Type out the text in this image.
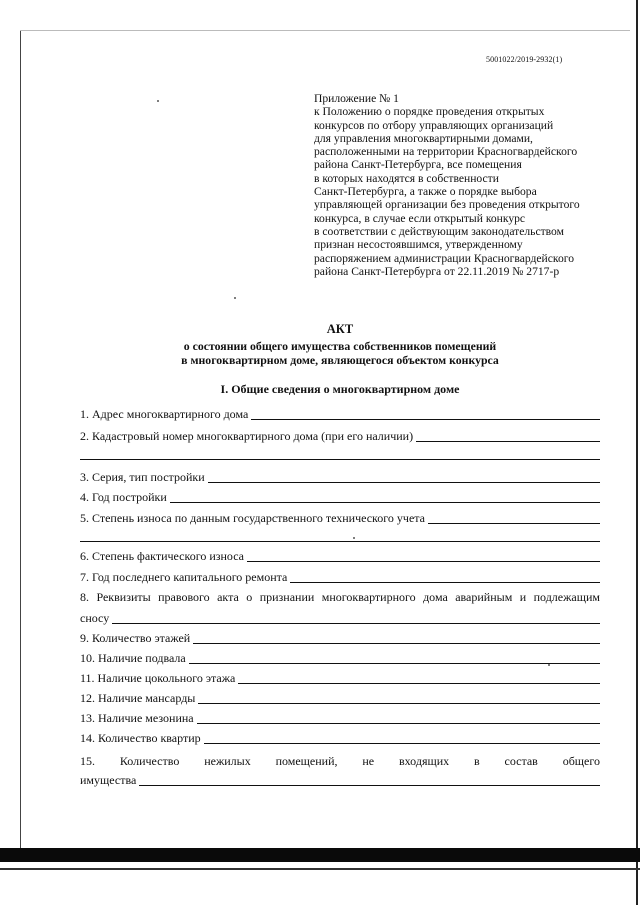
5001022/2019-2932(1)
Приложение № 1
к Положению о порядке проведения открытых
конкурсов по отбору управляющих организаций
для управления многоквартирными домами,
расположенными на территории Красногвардейского
района Санкт-Петербурга, все помещения
в которых находятся в собственности
Санкт-Петербурга, а также о порядке выбора
управляющей организации без проведения открытого
конкурса, в случае если открытый конкурс
в соответствии с действующим законодательством
признан несостоявшимся, утвержденному
распоряжением администрации Красногвардейского
района Санкт-Петербурга от 22.11.2019 № 2717-р
АКТ
о состоянии общего имущества собственников помещений
в многоквартирном доме, являющегося объектом конкурса
I. Общие сведения о многоквартирном доме
1. Адрес многоквартирного дома
2. Кадастровый номер многоквартирного дома (при его наличии)
3. Серия, тип постройки
4. Год постройки
5. Степень износа по данным государственного технического учета
6. Степень фактического износа
7. Год последнего капитального ремонта
8. Реквизиты правового акта о признании многоквартирного дома аварийным и подлежащим
сносу
9. Количество этажей
10. Наличие подвала
11. Наличие цокольного этажа
12. Наличие мансарды
13. Наличие мезонина
14. Количество квартир
15. Количество нежилых помещений, не входящих в состав общего
имущества
